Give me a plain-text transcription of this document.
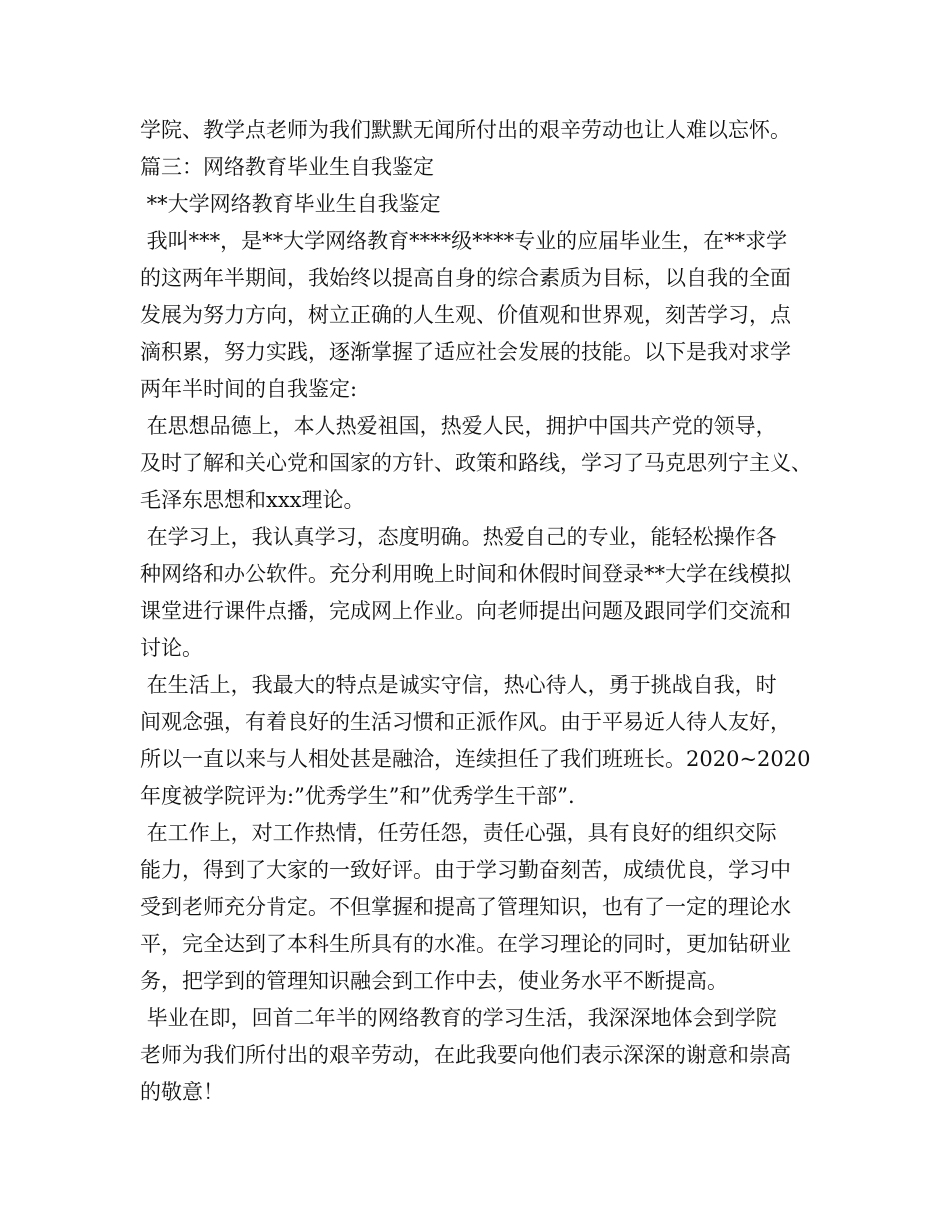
学院、教学点老师为我们默默无闻所付出的艰辛劳动也让人难以忘怀。
篇三：网络教育毕业生自我鉴定
**大学网络教育毕业生自我鉴定
我叫***，是**大学网络教育****级****专业的应届毕业生，在**求学
的这两年半期间，我始终以提高自身的综合素质为目标，以自我的全面
发展为努力方向，树立正确的人生观、价值观和世界观，刻苦学习，点
滴积累，努力实践，逐渐掌握了适应社会发展的技能。以下是我对求学
两年半时间的自我鉴定:
在思想品德上，本人热爱祖国，热爱人民，拥护中国共产党的领导，
及时了解和关心党和国家的方针、政策和路线，学习了马克思列宁主义、
毛泽东思想和xxx理论。
在学习上，我认真学习，态度明确。热爱自己的专业，能轻松操作各
种网络和办公软件。充分利用晚上时间和休假时间登录**大学在线模拟
课堂进行课件点播，完成网上作业。向老师提出问题及跟同学们交流和
讨论。
在生活上，我最大的特点是诚实守信，热心待人，勇于挑战自我，时
间观念强，有着良好的生活习惯和正派作风。由于平易近人待人友好，
所以一直以来与人相处甚是融洽，连续担任了我们班班长。2020~2020
年度被学院评为:”优秀学生”和”优秀学生干部”.
在工作上，对工作热情，任劳任怨，责任心强，具有良好的组织交际
能力，得到了大家的一致好评。由于学习勤奋刻苦，成绩优良，学习中
受到老师充分肯定。不但掌握和提高了管理知识，也有了一定的理论水
平，完全达到了本科生所具有的水准。在学习理论的同时，更加钻研业
务，把学到的管理知识融会到工作中去，使业务水平不断提高。
毕业在即，回首二年半的网络教育的学习生活，我深深地体会到学院
老师为我们所付出的艰辛劳动，在此我要向他们表示深深的谢意和崇高
的敬意！
